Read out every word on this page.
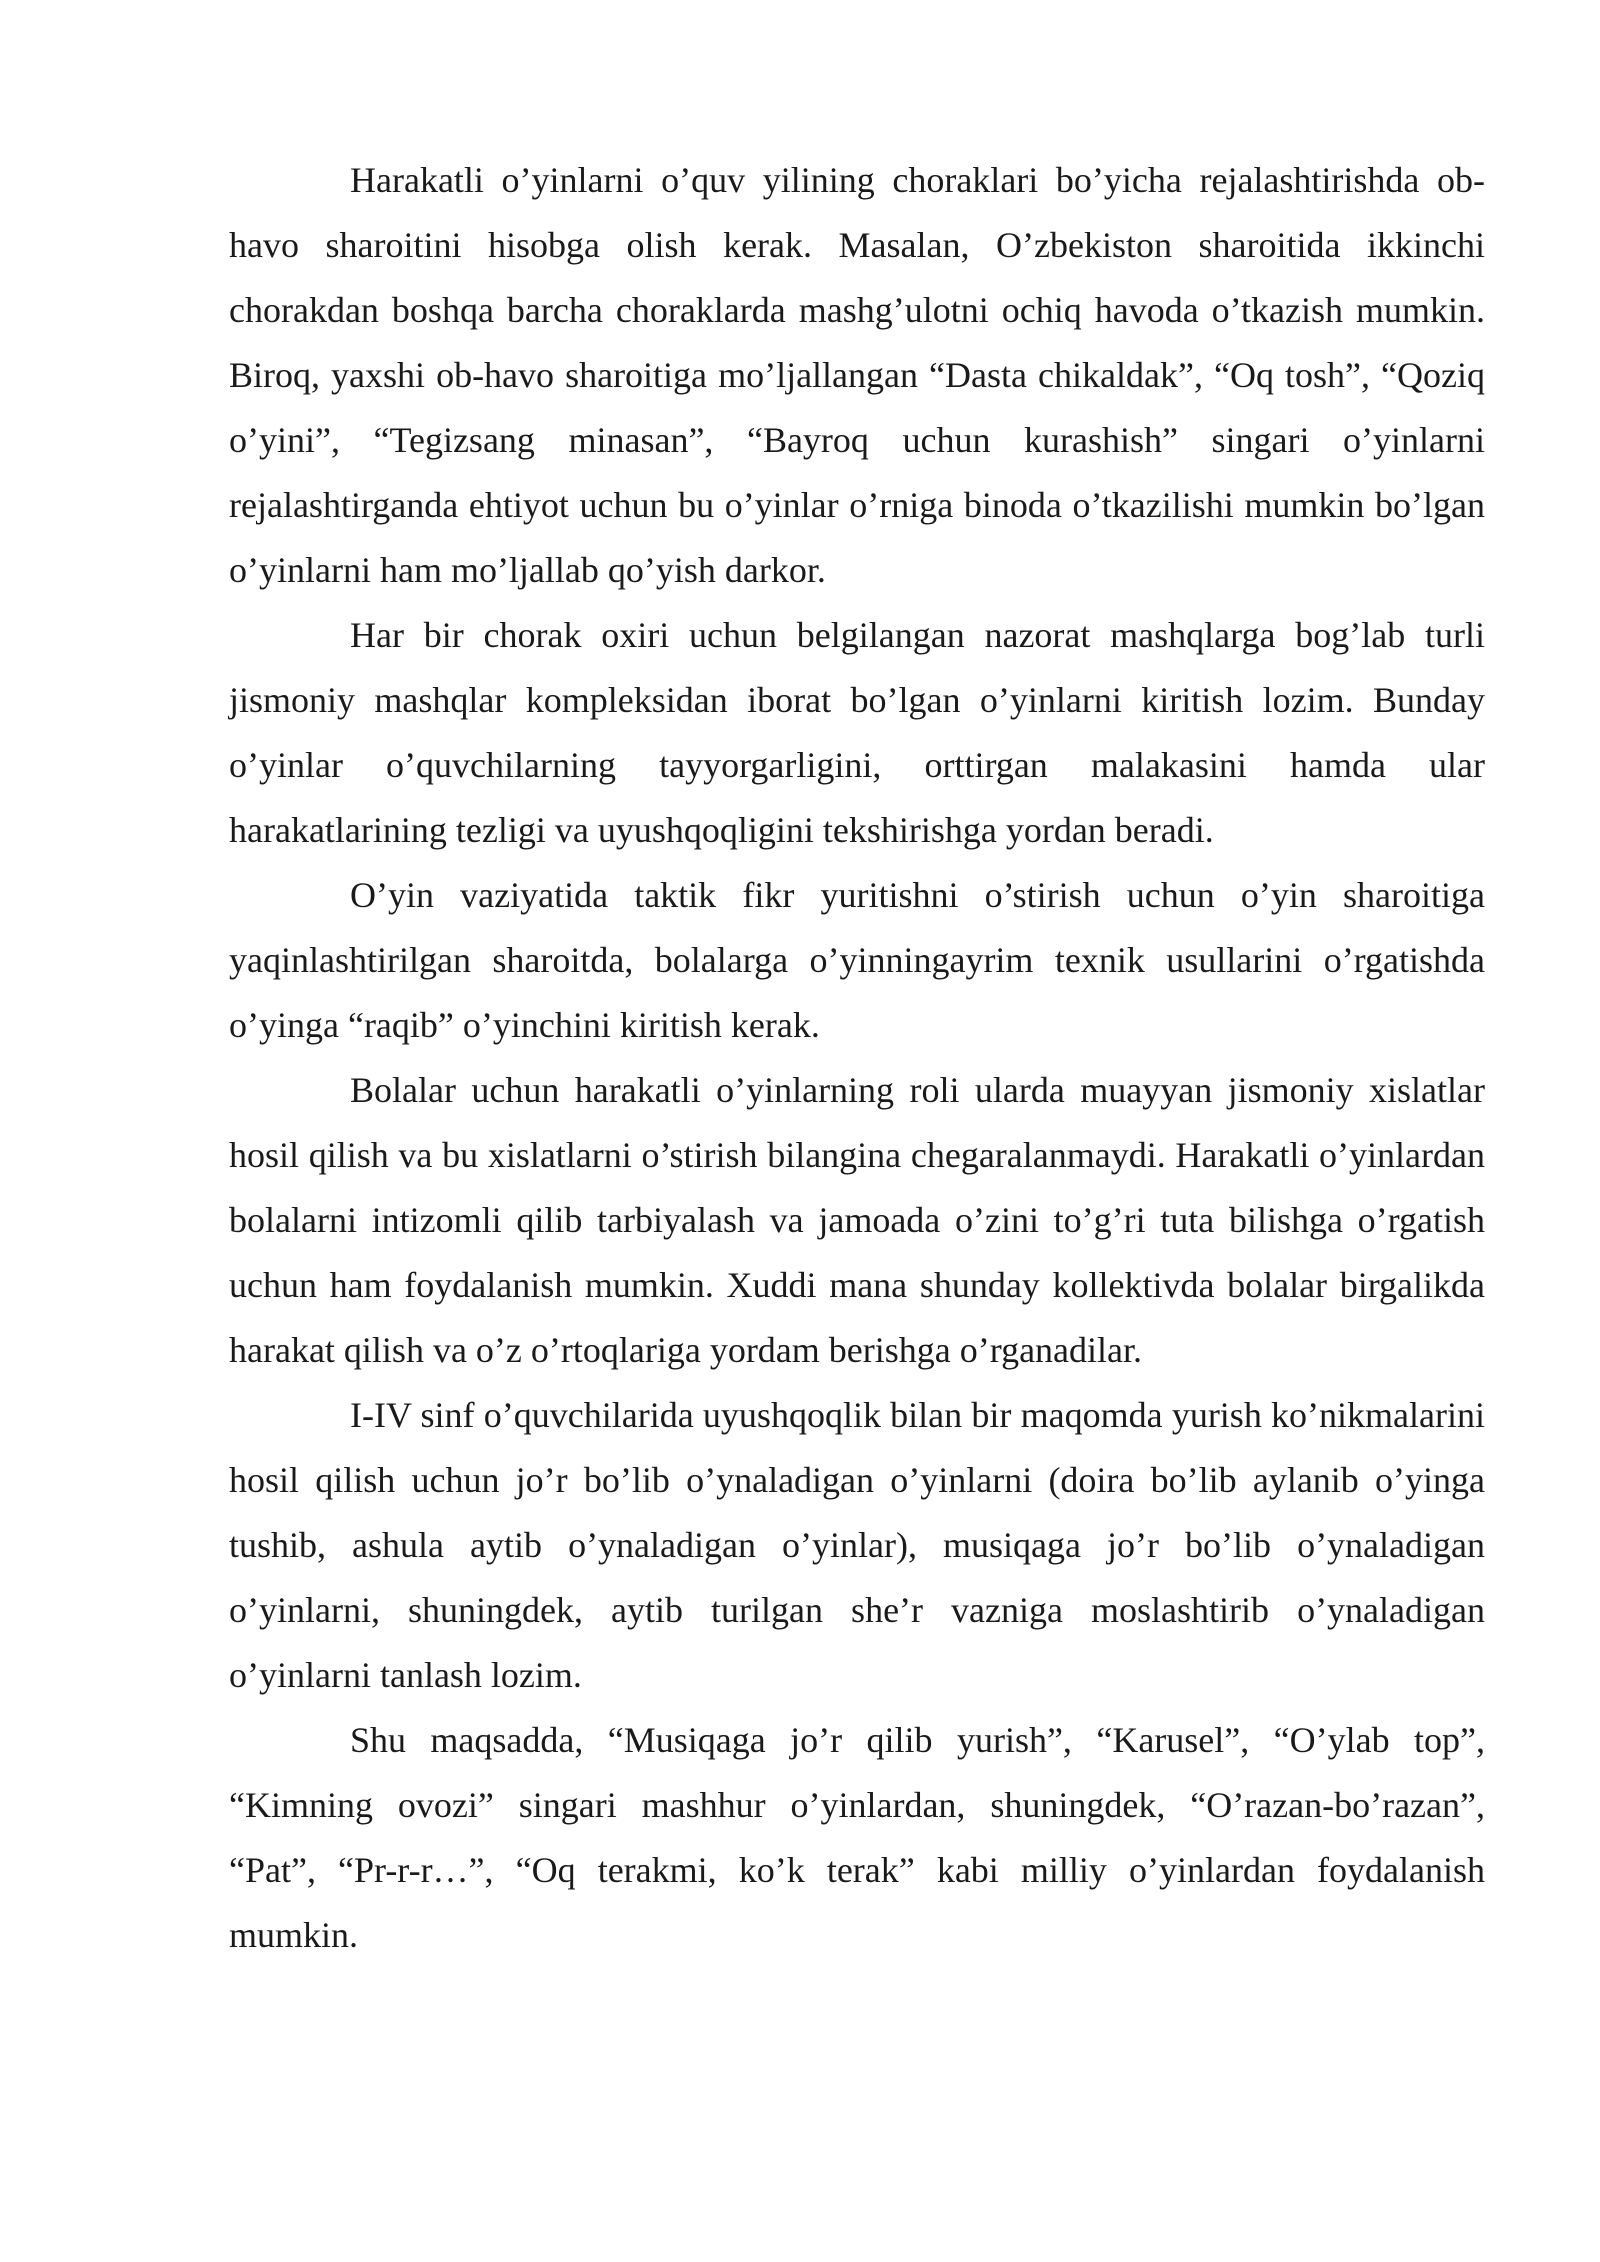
Harakatli o’yinlarni o’quv yilining choraklari bo’yicha rejalashtirishda ob-havo sharoitini hisobga olish kerak. Masalan, O’zbekiston sharoitida ikkinchi chorakdan boshqa barcha choraklarda mashg’ulotni ochiq havoda o’tkazish mumkin. Biroq, yaxshi ob-havo sharoitiga mo’ljallangan “Dasta chikaldak”, “Oq tosh”, “Qoziq o’yini”, “Tegizsang minasan”, “Bayroq uchun kurashish” singari o’yinlarni rejalashtirganda ehtiyot uchun bu o’yinlar o’rniga binoda o’tkazilishi mumkin bo’lgan o’yinlarni ham mo’ljallab qo’yish darkor.

Har bir chorak oxiri uchun belgilangan nazorat mashqlarga bog’lab turli jismoniy mashqlar kompleksidan iborat bo’lgan o’yinlarni kiritish lozim. Bunday o’yinlar o’quvchilarning tayyorgarligini, orttirgan malakasini hamda ular harakatlarining tezligi va uyushqoqligini tekshirishga yordan beradi.

O’yin vaziyatida taktik fikr yuritishni o’stirish uchun o’yin sharoitiga yaqinlashtirilgan sharoitda, bolalarga o’yinningayrim texnik usullarini o’rgatishda o’yinga “raqib” o’yinchini kiritish kerak.

Bolalar uchun harakatli o’yinlarning roli ularda muayyan jismoniy xislatlar hosil qilish va bu xislatlarni o’stirish bilangina chegaralanmaydi. Harakatli o’yinlardan bolalarni intizomli qilib tarbiyalash va jamoada o’zini to’g’ri tuta bilishga o’rgatish uchun ham foydalanish mumkin. Xuddi mana shunday kollektivda bolalar birgalikda harakat qilish va o’z o’rtoqlariga yordam berishga o’rganadilar.

I-IV sinf o’quvchilarida uyushqoqlik bilan bir maqomda yurish ko’nikmalarini hosil qilish uchun jo’r bo’lib o’ynaladigan o’yinlarni (doira bo’lib aylanib o’yinga tushib, ashula aytib o’ynaladigan o’yinlar), musiqaga jo’r bo’lib o’ynaladigan o’yinlarni, shuningdek, aytib turilgan she’r vazniga moslashtirib o’ynaladigan o’yinlarni tanlash lozim.

Shu maqsadda, “Musiqaga jo’r qilib yurish”, “Karusel”, “O’ylab top”, “Kimning ovozi” singari mashhur o’yinlardan, shuningdek, “O’razan-bo’razan”, “Pat”, “Pr-r-r…”, “Oq terakmi, ko’k terak” kabi milliy o’yinlardan foydalanish mumkin.
